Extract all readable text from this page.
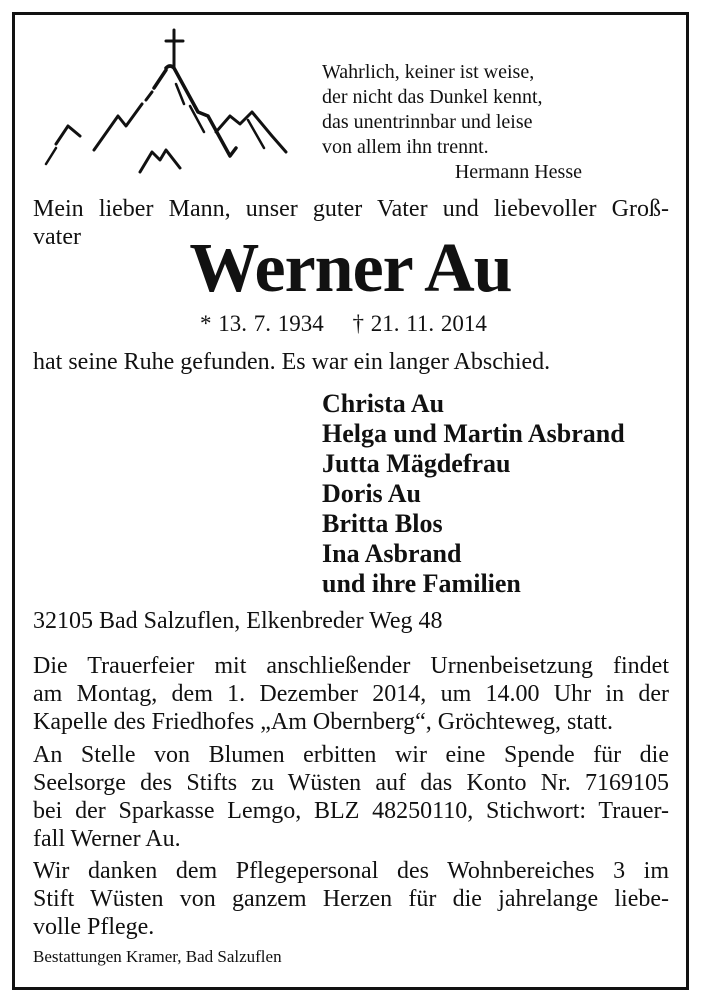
Wahrlich, keiner ist weise,
der nicht das Dunkel kennt,
das unentrinnbar und leise
von allem ihn trennt.
Hermann Hesse
Mein lieber Mann, unser guter Vater und liebevoller Groß-
vater	Werner Au
* 13. 7. 1934 † 21. 11. 2014
hat seine Ruhe gefunden. Es war ein langer Abschied.
Christa Au
Helga und Martin Asbrand
Jutta Mägdefrau
Doris Au
Britta Blos
Ina Asbrand
und ihre Familien
32105 Bad Salzuflen, Elkenbreder Weg 48
Die Trauerfeier mit anschließender Urnenbeisetzung findet
am Montag, dem 1. Dezember 2014, um 14.00 Uhr in der
Kapelle des Friedhofes „Am Obernberg“, Gröchteweg, statt.
An Stelle von Blumen erbitten wir eine Spende für die
Seelsorge des Stifts zu Wüsten auf das Konto Nr. 7169105
bei der Sparkasse Lemgo, BLZ 48250110, Stichwort: Trauer-
fall Werner Au.
Wir danken dem Pflegepersonal des Wohnbereiches 3 im
Stift Wüsten von ganzem Herzen für die jahrelange liebe-
volle Pflege.
Bestattungen Kramer, Bad Salzuflen
